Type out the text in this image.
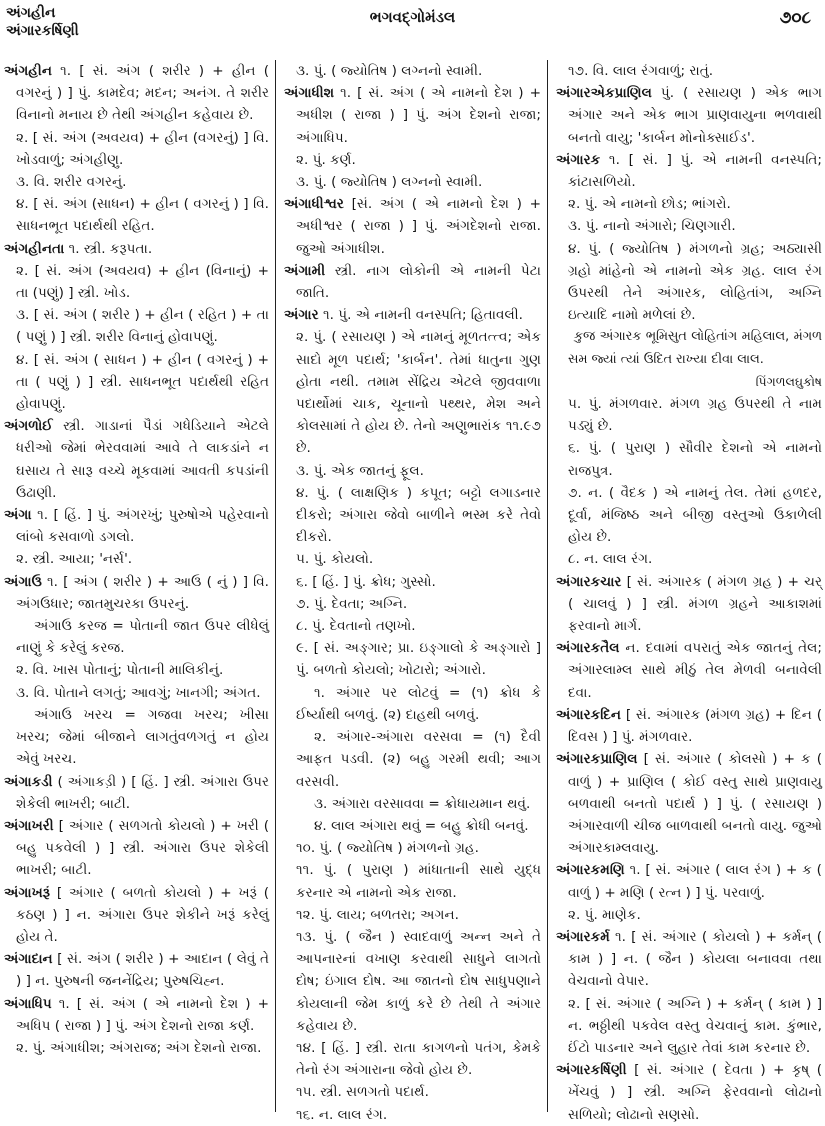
અંગહીન
અંગારકર્ષિણી
ભગવદ્ગોમંડલ	૭૦૮

અંગહીન ૧. [ સં. અંગ ( શરીર ) + હીન ( વગરનું ) ] પું. કામદેવ; મદન; અનંગ. તે શરીર વિનાનો મનાય છે તેથી અંગહીન કહેવાય છે.

૨. [ સં. અંગ (અવયવ) + હીન (વગરનું) ] વિ. ખોડવાળું; અંગહીણુ.

૩. વિ. શરીર વગરનું.

૪. [ સં. અંગ (સાધન) + હીન ( વગરનું ) ] વિ. સાધનભૂત પદાર્થથી રહિત.

અંગહીનતા ૧. સ્ત્રી. કરૂપતા.

૨. [ સં. અંગ (અવયવ) + હીન (વિનાનું) + તા (પણું) ] સ્ત્રી. ખોડ.

૩. [ સં. અંગ ( શરીર ) + હીન ( રહિત ) + તા ( પણું ) ] સ્ત્રી. શરીર વિનાનું હોવાપણું.

૪. [ સં. અંગ ( સાધન ) + હીન ( વગરનું ) + તા ( પણું ) ] સ્ત્રી. સાધનભૂત પદાર્થથી રહિત હોવાપણું.

અંગળોઈ સ્ત્રી. ગાડાનાં પૈડાં ગધેડિયાને એટલે ધરીઓ જેમાં ભેરવવામાં આવે તે લાકડાંને ન ઘસાય તે સારૂ વચ્ચે મૂકવામાં આવતી કપડાંની ઉઢાણી.

અંગા ૧. [ હિં. ] પું. અંગરખું; પુરુષોએ પહેરવાનો લાંબો કસવાળો ડગલો.

૨. સ્ત્રી. આયા; 'નર્સ'.

અંગાઉ ૧. [ અંગ ( શરીર ) + આઉ ( નું ) ] વિ. અંગઉધાર; જાતમુચરકા ઉપરનું.

અંગાઉ કરજ = પોતાની જાત ઉપર લીધેલું નાણું કે કરેલું કરજ.

૨. વિ. ખાસ પોતાનું; પોતાની માલિકીનું.

૩. વિ. પોતાને લગતું; આવગું; ખાનગી; અંગત.

અંગાઉ ખરચ = ગજવા ખરચ; ખીસા ખરચ; જેમાં બીજાને લાગતુંવળગતું ન હોય એવું ખરચ.

અંગાકડી ( અંગાકડ઼ી ) [ હિં. ] સ્ત્રી. અંગારા ઉપર શેકેલી ભાખરી; બાટી.

અંગાખરી [ અંગાર ( સળગતો કોયલો ) + ખરી ( બહુ પકવેલી ) ] સ્ત્રી. અંગારા ઉપર શેકેલી ભાખરી; બાટી.

અંગાખરૂં [ અંગાર ( બળતો કોયલો ) + ખરૂં ( કઠણ ) ] ન. અંગારા ઉપર શેકીને ખરૂં કરેલું હોય તે.

અંગાદાન [ સં. અંગ ( શરીર ) + આદાન ( લેવું તે ) ] ન. પુરુષની જનનેંદ્રિય; પુરુષચિહ્ન.

અંગાધિપ ૧. [ સં. અંગ ( એ નામનો દેશ ) + અધિપ ( રાજા ) ] પું. અંગ દેશનો રાજા કર્ણ.

૨. પું. અંગાધીશ; અંગરાજ; અંગ દેશનો રાજા.

૩. પું. ( જ્યોતિષ ) લગ્નનો સ્વામી.

અંગાધીશ ૧. [ સં. અંગ ( એ નામનો દેશ ) + અધીશ ( રાજા ) ] પું. અંગ દેશનો રાજા; અંગાધિપ.

૨. પું. કર્ણ.

૩. પું. ( જ્યોતિષ ) લગ્નનો સ્વામી.

અંગાધીશ્વર [સં. અંગ ( એ નામનો દેશ ) + અધીશ્વર ( રાજા ) ] પું. અંગદેશનો રાજા. જુઓ અંગાધીશ.

અંગામી સ્ત્રી. નાગ લોકોની એ નામની પેટા જાતિ.

અંગાર ૧. પું. એ નામની વનસ્પતિ; હિતાવલી.

૨. પું. ( રસાયણ ) એ નામનું મૂળતત્ત્વ; એક સાદો મૂળ પદાર્થ; 'કાર્બન'. તેમાં ધાતુના ગુણ હોતા નથી. તમામ સેંદ્રિય એટલે જીવવાળા પદાર્થોમાં ચાક, ચૂનાનો પથ્થર, મેશ અને કોલસામાં તે હોય છે. તેનો અણુભારાંક ૧૧.૯૭ છે.

૩. પું. એક જાતનું ફૂલ.

૪. પું. ( લાક્ષણિક ) કપૂત; બટ્ટો લગાડનાર દીકરો; અંગારા જેવો બાળીને ભસ્મ કરે તેવો દીકરો.

૫. પું. કોયલો.

૬. [ હિં. ] પું. ક્રોધ; ગુસ્સો.

૭. પું. દેવતા; અગ્નિ.

૮. પું. દેવતાનો તણખો.

૯. [ સં. અઙ્ગાર; પ્રા. ઇઙ્ગાલો કે અઙ્ગારો ] પું. બળતો કોયલો; ખોટારો; અંગારો.

૧. અંગાર પર લોટવું = (૧) ક્રોધ કે ઈર્ષ્યાથી બળવું. (૨) દાહથી બળવું.

૨. અંગાર-અંગારા વરસવા = (૧) દૈવી આફત પડવી. (૨) બહુ ગરમી થવી; આગ વરસવી.

૩. અંગારા વરસાવવા = ક્રોધાયમાન થવું.

૪. લાલ અંગારા થવું = બહુ ક્રોધી બનવું.

૧૦. પું. ( જ્યોતિષ ) મંગળનો ગ્રહ.

૧૧. પું. ( પુરાણ ) માંધાતાની સાથે યુદ્ધ કરનાર એ નામનો એક રાજા.

૧૨. પું. લાય; બળતરા; અગન.

૧૩. પું. ( જૈન ) સ્વાદવાળું અન્ન અને તે આપનારનાં વખાણ કરવાથી સાધુને લાગતો દોષ; ઇંગાલ દોષ. આ જાતનો દોષ સાધુપણાને કોયલાની જેમ કાળું કરે છે તેથી તે અંગાર કહેવાય છે.

૧૪. [ હિં. ] સ્ત્રી. રાતા કાગળનો પતંગ, કેમકે તેનો રંગ અંગારાના જેવો હોય છે.

૧૫. સ્ત્રી. સળગતો પદાર્થ.

૧૬. ન. લાલ રંગ.

૧૭. વિ. લાલ રંગવાળું; રાતું.

અંગારએકપ્રાણિલ પું. ( રસાયણ ) એક ભાગ અંગાર અને એક ભાગ પ્રાણવાયુના ભળવાથી બનતો વાયુ; 'કાર્બન મોનોક્સાઈડ'.

અંગારક ૧. [ સં. ] પું. એ નામની વનસ્પતિ; કાંટાસળિયો.

૨. પું. એ નામનો છોડ; ભાંગરો.

૩. પું. નાનો અંગારો; ચિણગારી.

૪. પું. ( જ્યોતિષ ) મંગળનો ગ્રહ; અઠ્યાસી ગ્રહો માંહેનો એ નામનો એક ગ્રહ. લાલ રંગ ઉપરથી તેને અંગારક, લોહિતાંગ, અગ્નિ ઇત્યાદિ નામો મળેલાં છે.

કુજ અંગારક ભૂમિસુત લોહિતાંગ મહિલાલ, મંગળ સમ જ્યાં ત્યાં ઉદિત રાખ્યા દીવા લાલ.

પિંગળલઘુકોષ

૫. પું. મંગળવાર. મંગળ ગ્રહ ઉપરથી તે નામ પડ્યું છે.

૬. પું. ( પુરાણ ) સૌવીર દેશનો એ નામનો રાજપુત્ર.

૭. ન. ( વૈદક ) એ નામનું તેલ. તેમાં હળદર, દૂર્વા, મંજિષ્ઠ અને બીજી વસ્તુઓ ઉકાળેલી હોય છે.

૮. ન. લાલ રંગ.

અંગારકચાર [ સં. અંગારક ( મંગળ ગ્રહ ) + ચર્ ( ચાલવું ) ] સ્ત્રી. મંગળ ગ્રહને આકાશમાં ફરવાનો માર્ગ.

અંગારકતૈલ ન. દવામાં વપરાતું એક જાતનું તેલ; અંગારલામ્લ સાથે મીઠું તેલ મેળવી બનાવેલી દવા.

અંગારકદિન [ સં. અંગારક (મંગળ ગ્રહ) + દિન ( દિવસ ) ] પું. મંગળવાર.

અંગારકપ્રાણિલ [ સં. અંગાર ( કોલસો ) + ક ( વાળું ) + પ્રાણિલ ( કોઈ વસ્તુ સાથે પ્રાણવાયુ બળવાથી બનતો પદાર્થ ) ] પું. ( રસાયણ ) અંગારવાળી ચીજ બાળવાથી બનતો વાયુ. જુઓ અંગારકામ્લવાયુ.

અંગારકમણિ ૧. [ સં. અંગાર ( લાલ રંગ ) + ક ( વાળું ) + મણિ ( રત્ન ) ] પું. પરવાળું.

૨. પું. માણેક.

અંગારકર્મ ૧. [ સં. અંગાર ( કોયલો ) + કર્મન્ ( કામ ) ] ન. ( જૈન ) કોયલા બનાવવા તથા વેચવાનો વેપાર.

૨. [ સં. અંગાર ( અગ્નિ ) + કર્મન્ ( કામ ) ] ન. ભઠ્ઠીથી પકવેલ વસ્તુ વેચવાનું કામ. કુંભાર, ઈંટો પાડનાર અને લુહાર તેવાં કામ કરનાર છે.

અંગારકર્ષિણી [ સં. અંગાર ( દેવતા ) + કૃષ્ ( ખેંચવું ) ] સ્ત્રી. અગ્નિ ફેરવવાનો લોઢાનો સળિયો; લોઢાનો સણસો.
